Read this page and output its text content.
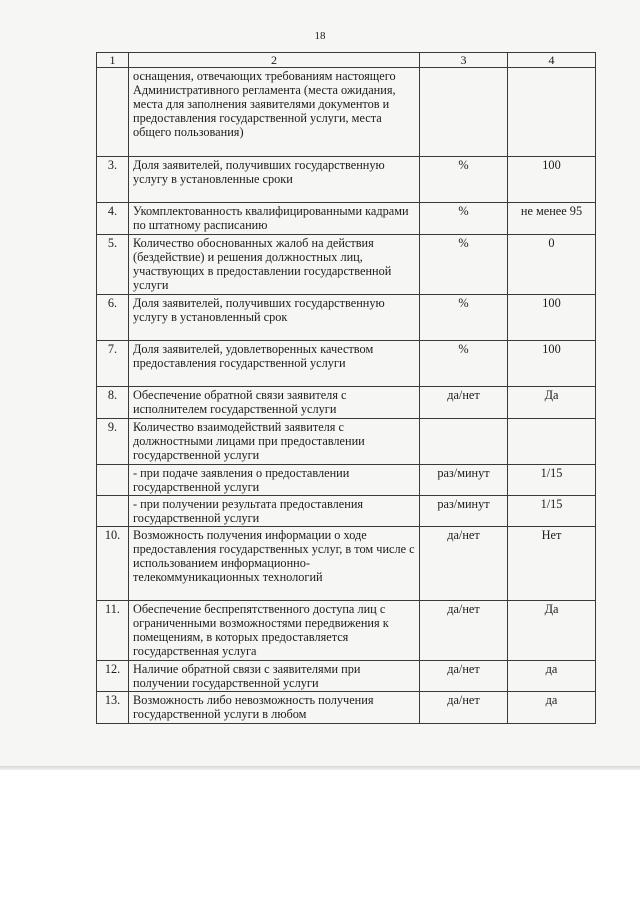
18
1	2	3	4
	оснащения, отвечающих требованиям настоящего Административного регламента (места ожидания, места для заполнения заявителями документов и предоставления государственной услуги, места общего пользования)		
3.	Доля заявителей, получивших государственную услугу в установленные сроки	%	100
4.	Укомплектованность квалифицированными кадрами по штатному расписанию	%	не менее 95
5.	Количество обоснованных жалоб на действия (бездействие) и решения должностных лиц, участвующих в предоставлении государственной услуги	%	0
6.	Доля заявителей, получивших государственную услугу в установленный срок	%	100
7.	Доля заявителей, удовлетворенных качеством предоставления государственной услуги	%	100
8.	Обеспечение обратной связи заявителя с исполнителем государственной услуги	да/нет	Да
9.	Количество взаимодействий заявителя с должностными лицами при предоставлении государственной услуги		
	- при подаче заявления о предоставлении государственной услуги	раз/минут	1/15
	- при получении результата предоставления государственной услуги	раз/минут	1/15
10.	Возможность получения информации о ходе предоставления государственных услуг, в том числе с использованием информационно-телекоммуникационных технологий	да/нет	Нет
11.	Обеспечение беспрепятственного доступа лиц с ограниченными возможностями передвижения к помещениям, в которых предоставляется государственная услуга	да/нет	Да
12.	Наличие обратной связи с заявителями при получении государственной услуги	да/нет	да
13.	Возможность либо невозможность получения государственной услуги в любом	да/нет	да
